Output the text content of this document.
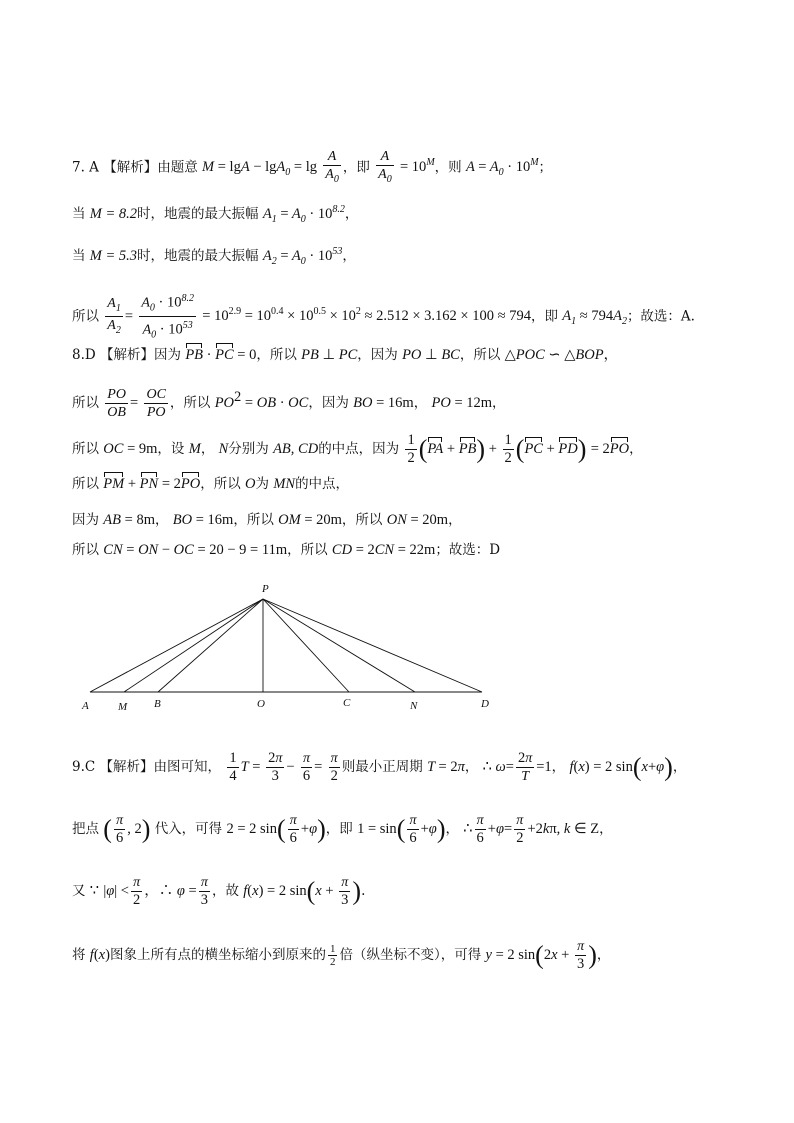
7. A 【解析】由题意 $M = \lg A - \lg A_0 = \lg \frac{A}{A_0}$ ，即 $\frac{A}{A_0} = 10^M$，则 $A = A_0 \cdot 10^M$；
当 M = 8.2时，地震的最大振幅 $A_1 = A_0 \cdot 10^{8.2}$，
当 M = 5.3时，地震的最大振幅 $A_2 = A_0 \cdot 10^{53}$，
所以 $\frac{A_1}{A_2} = \frac{A_0 \cdot 10^{8.2}}{A_0 \cdot 10^{53}} = 10^{2.9} = 10^{0.4} \times 10^{0.5} \times 10^2 \approx 2.512 \times 3.162 \times 100 \approx 794$，即 $A_1 \approx 794A_2$；故选：A.
8.D 【解析】因为 PB · PC = 0，所以 PB ⊥ PC，因为 PO ⊥ BC，所以 △POC ∽ △BOP，
所以 $\frac{PO}{OB} = \frac{OC}{PO}$ ，所以 $PO^2$ = OB · OC，因为 BO = 16m， PO = 12m，
所以 OC = 9m，设 M， N分别为 AB, CD的中点，因为 $\frac{1}{2} (PA + PB) + \frac{1}{2} (PC + PD) = 2PO$，
所以 PM + PN = 2PO，所以 O为 MN的中点，
因为 AB = 8m， BO = 16m，所以 OM = 20m，所以 ON = 20m，
所以 CN = ON − OC = 20 − 9 = 11m，所以 CD = 2CN = 22m；故选：D
P
A	M B	O	C	N	D
9.C 【解析】由图可知， $\frac{1}{4}$ $T = \frac{2\pi}{3} - \frac{\pi}{6} = \frac{\pi}{2}$ 则最小正周期 T = 2π， ∴ $\omega= \frac{2\pi}{T} =1$， f(x) = 2 sin(x+φ)，
把点 ( $\frac{\pi}{6}$ , 2) 代入，可得 2 = 2 $\sin( \frac{\pi}{6} +\varphi)$，即 $1 = \sin( \frac{\pi}{6} +\varphi)$， ∴ $\frac{\pi}{6} +\varphi= \frac{\pi}{2} +2k\pi$, k ∈ Z，
又 ∵ $|\varphi| < \frac{\pi}{2}$ ，∴ $\varphi = \frac{\pi}{3}$ ，故 f(x) = 2 $\sin(x + \frac{\pi}{3}$ ).
将 f(x)图象上所有点的横坐标缩小到原来的 $\frac{1}{2}$ 倍（纵坐标不变），可得 y = 2 $\sin(2x + \frac{\pi}{3}$ )，
